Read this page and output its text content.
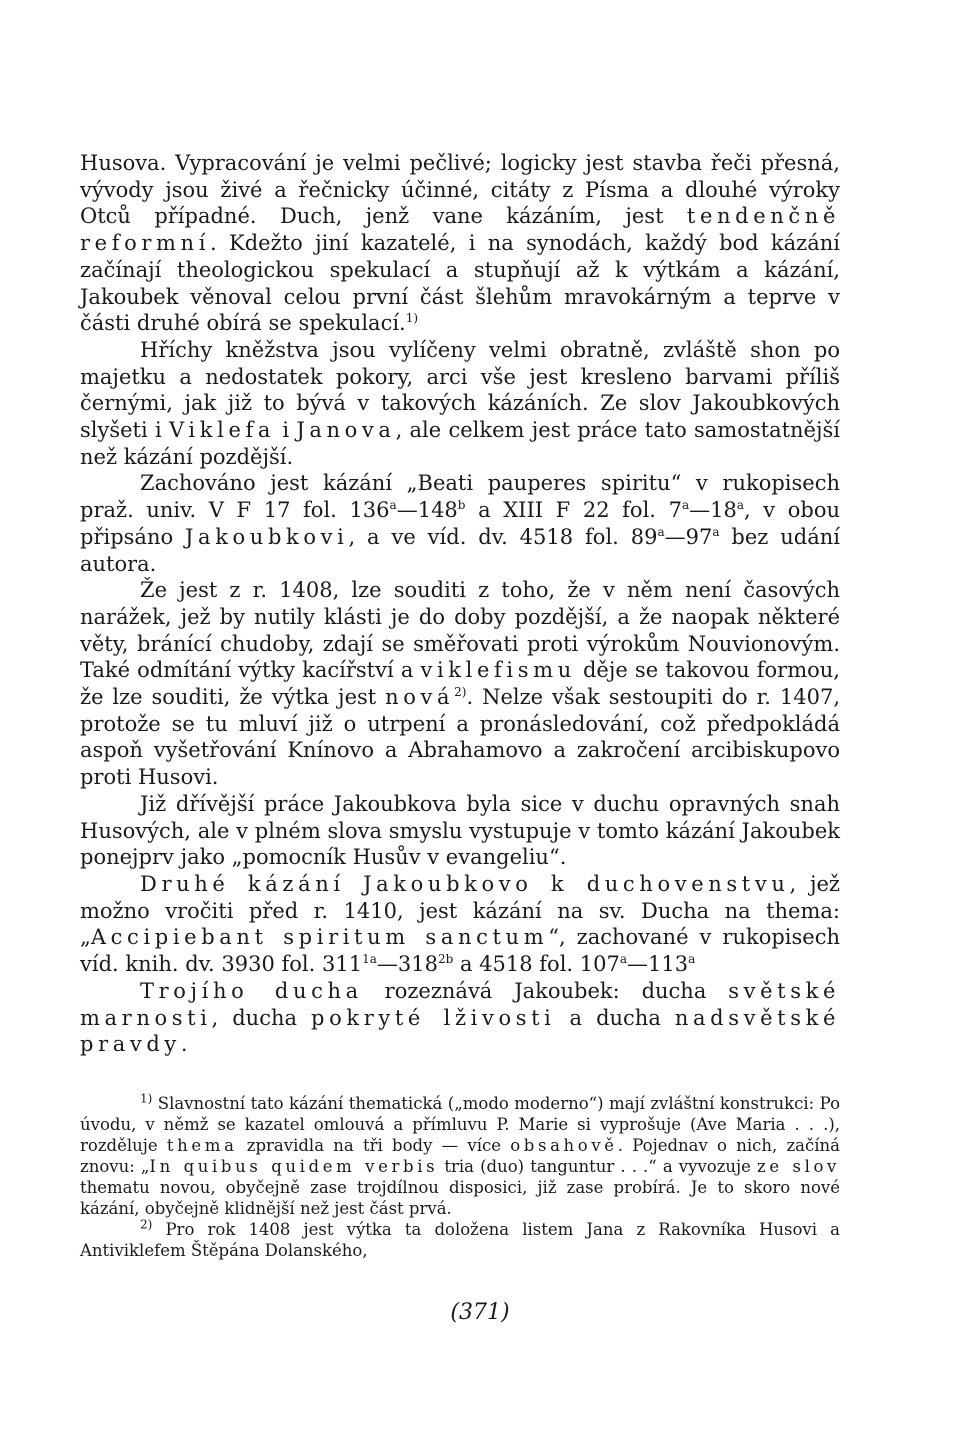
Husova. Vypracování je velmi pečlivé; logicky jest stavba řeči přesná, vývody jsou živé a řečnicky účinné, citáty z Písma a dlouhé výroky Otců případné. Duch, jenž vane kázáním, jest tendenčně reformní. Kdežto jiní kazatelé, i na synodách, každý bod kázání začínají theologickou spekulací a stupňují až k výtkám a kázání, Jakoubek věnoval celou první část šlehům mravokárným a teprve v části druhé obírá se spekulací.$^{1)}$

Hříchy kněžstva jsou vylíčeny velmi obratně, zvláště shon po majetku a nedostatek pokory, arci vše jest kresleno barvami příliš černými, jak již to bývá v takových kázáních. Ze slov Jakoubkových slyšeti i Viklefa i Janova, ale celkem jest práce tato samostatnější než kázání pozdější.

Zachováno jest kázání „Beati pauperes spiritu“ v rukopisech praž. univ. V F 17 fol. 136$^a$—148$^b$ a XIII F 22 fol. 7$^a$—18$^a$, v obou připsáno Jakoubkovi, a ve víd. dv. 4518 fol. 89$^a$—97$^a$ bez udání autora.

Že jest z r. 1408, lze souditi z toho, že v něm není časových narážek, jež by nutily klásti je do doby pozdější, a že naopak některé věty, bránící chudoby, zdají se směřovati proti výrokům Nouvionovým. Také odmítání výtky kacířství a viklefismu děje se takovou formou, že lze souditi, že výtka jest nová$^{2)}$. Nelze však sestoupiti do r. 1407, protože se tu mluví již o utrpení a pronásledování, což předpokládá aspoň vyšetřování Knínovo a Abrahamovo a zakročení arcibiskupovo proti Husovi.

Již dřívější práce Jakoubkova byla sice v duchu opravných snah Husových, ale v plném slova smyslu vystupuje v tomto kázání Jakoubek ponejprv jako „pomocník Husův v evangeliu“.

Druhé kázání Jakoubkovo k duchovenstvu, jež možno vročiti před r. 1410, jest kázání na sv. Ducha na thema: „Accipiebant spiritum sanctum“, zachované v rukopisech víd. knih. dv. 3930 fol. $311^{1a}—318^{2b}$ a 4518 fol. 107$^a$—113$^a$

Trojího ducha rozeznává Jakoubek: ducha světské marnosti, ducha pokryté lživosti a ducha nadsvětské pravdy.

$^{1)}$ Slavnostní tato kázání thematická („modo moderno“) mají zvláštní konstrukci: Po úvodu, v němž se kazatel omlouvá a přímluvu P. Marie si vyprošuje (Ave Maria . . .), rozděluje thema zpravidla na tři body — více obsahově. Pojednav o nich, začíná znovu: „In quibus quidem verbis tria (duo) tanguntur . . .“ a vyvozuje ze slov thematu novou, obyčejně zase trojdílnou disposici, již zase probírá. Je to skoro nové kázání, obyčejně klidnější než jest část prvá.

$^{2)}$ Pro rok 1408 jest výtka ta doložena listem Jana z Rakovníka Husovi a Antiviklefem Štěpána Dolanského,

(371)
